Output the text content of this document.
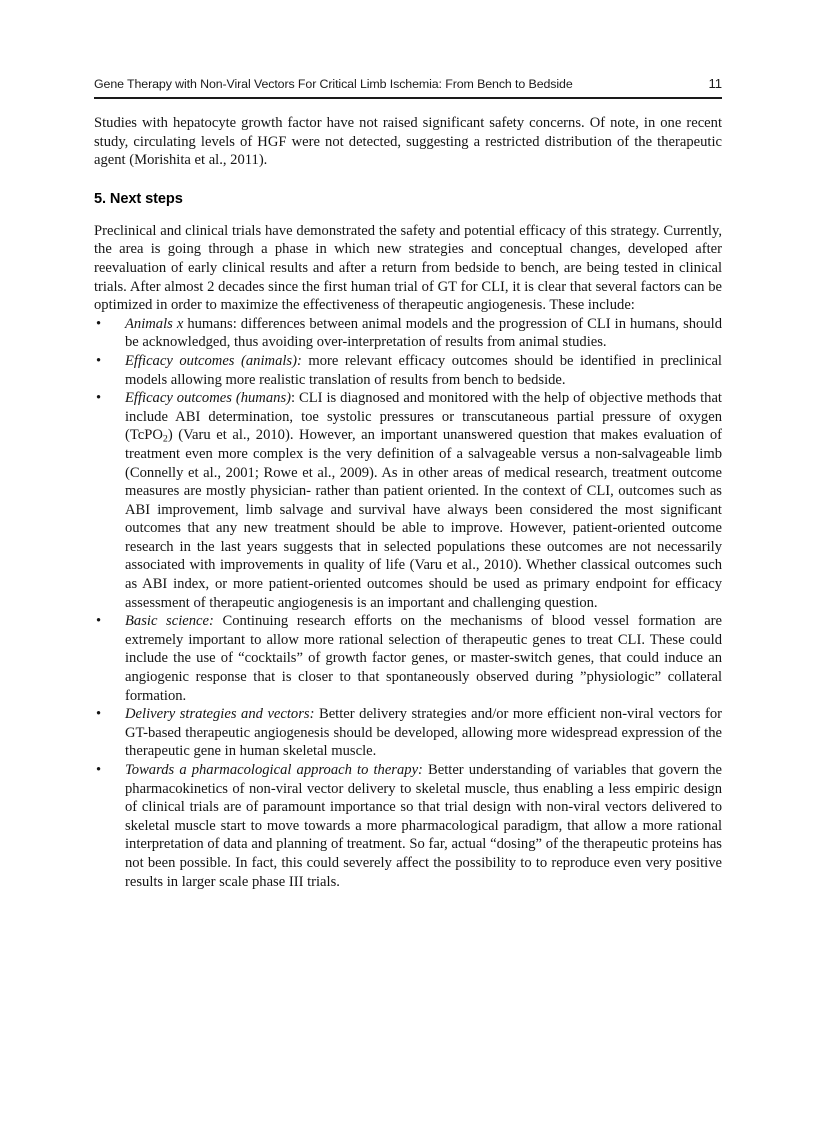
Gene Therapy with Non-Viral Vectors For Critical Limb Ischemia: From Bench to Bedside	11

Studies with hepatocyte growth factor have not raised significant safety concerns. Of note, in one recent study, circulating levels of HGF were not detected, suggesting a restricted distribution of the therapeutic agent (Morishita et al., 2011).

5. Next steps

Preclinical and clinical trials have demonstrated the safety and potential efficacy of this strategy. Currently, the area is going through a phase in which new strategies and conceptual changes, developed after reevaluation of early clinical results and after a return from bedside to bench, are being tested in clinical trials. After almost 2 decades since the first human trial of GT for CLI, it is clear that several factors can be optimized in order to maximize the effectiveness of therapeutic angiogenesis. These include:

•	Animals x humans: differences between animal models and the progression of CLI in humans, should be acknowledged, thus avoiding over-interpretation of results from animal studies.
•	Efficacy outcomes (animals): more relevant efficacy outcomes should be identified in preclinical models allowing more realistic translation of results from bench to bedside.
•	Efficacy outcomes (humans): CLI is diagnosed and monitored with the help of objective methods that include ABI determination, toe systolic pressures or transcutaneous partial pressure of oxygen (TcPO$_2$) (Varu et al., 2010). However, an important unanswered question that makes evaluation of treatment even more complex is the very definition of a salvageable versus a non-salvageable limb (Connelly et al., 2001; Rowe et al., 2009). As in other areas of medical research, treatment outcome measures are mostly physician- rather than patient oriented. In the context of CLI, outcomes such as ABI improvement, limb salvage and survival have always been considered the most significant outcomes that any new treatment should be able to improve. However, patient-oriented outcome research in the last years suggests that in selected populations these outcomes are not necessarily associated with improvements in quality of life (Varu et al., 2010). Whether classical outcomes such as ABI index, or more patient-oriented outcomes should be used as primary endpoint for efficacy assessment of therapeutic angiogenesis is an important and challenging question.
•	Basic science: Continuing research efforts on the mechanisms of blood vessel formation are extremely important to allow more rational selection of therapeutic genes to treat CLI. These could include the use of “cocktails” of growth factor genes, or master-switch genes, that could induce an angiogenic response that is closer to that spontaneously observed during ”physiologic” collateral formation.
•	Delivery strategies and vectors: Better delivery strategies and/or more efficient non-viral vectors for GT-based therapeutic angiogenesis should be developed, allowing more widespread expression of the therapeutic gene in human skeletal muscle.
•	Towards a pharmacological approach to therapy: Better understanding of variables that govern the pharmacokinetics of non-viral vector delivery to skeletal muscle, thus enabling a less empiric design of clinical trials are of paramount importance so that trial design with non-viral vectors delivered to skeletal muscle start to move towards a more pharmacological paradigm, that allow a more rational interpretation of data and planning of treatment. So far, actual “dosing” of the therapeutic proteins has not been possible. In fact, this could severely affect the possibility to to reproduce even very positive results in larger scale phase III trials.
